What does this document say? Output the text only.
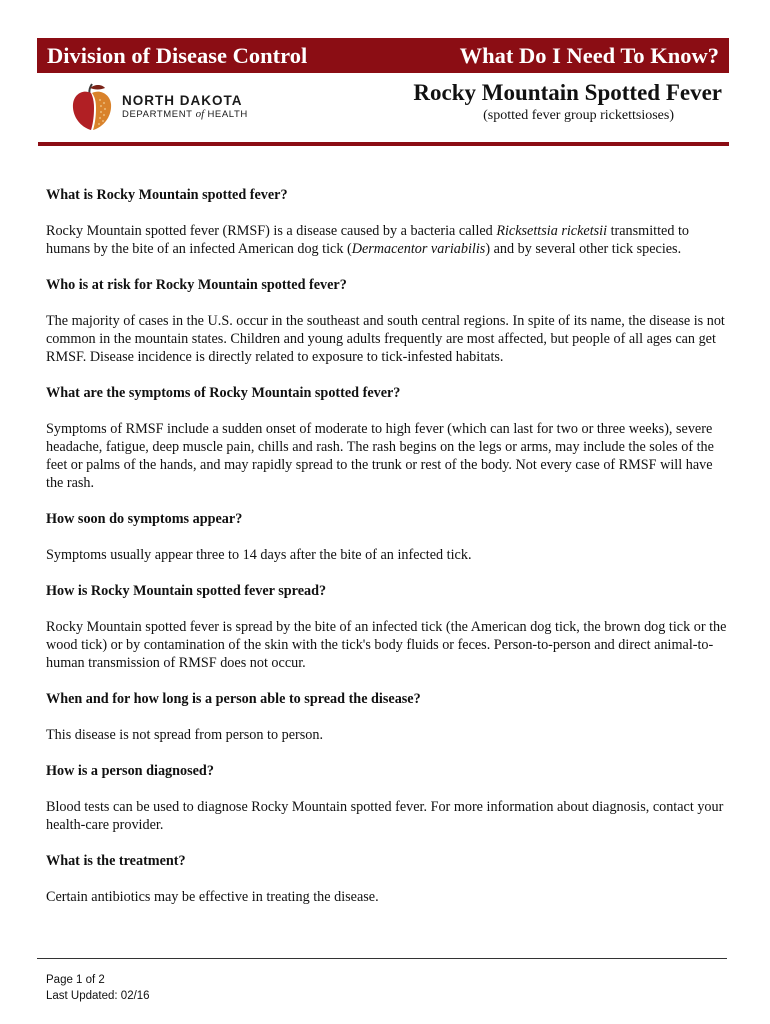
Division of Disease Control	What Do I Need To Know?
NORTH DAKOTA
DEPARTMENT of HEALTH
Rocky Mountain Spotted Fever
(spotted fever group rickettsioses)
What is Rocky Mountain spotted fever?

Rocky Mountain spotted fever (RMSF) is a disease caused by a bacteria called Ricksettsia ricketsii transmitted to humans by the bite of an infected American dog tick (Dermacentor variabilis) and by several other tick species.

Who is at risk for Rocky Mountain spotted fever?

The majority of cases in the U.S. occur in the southeast and south central regions. In spite of its name, the disease is not common in the mountain states. Children and young adults frequently are most affected, but people of all ages can get RMSF. Disease incidence is directly related to exposure to tick-infested habitats.

What are the symptoms of Rocky Mountain spotted fever?

Symptoms of RMSF include a sudden onset of moderate to high fever (which can last for two or three weeks), severe headache, fatigue, deep muscle pain, chills and rash. The rash begins on the legs or arms, may include the soles of the feet or palms of the hands, and may rapidly spread to the trunk or rest of the body. Not every case of RMSF will have the rash.

How soon do symptoms appear?

Symptoms usually appear three to 14 days after the bite of an infected tick.

How is Rocky Mountain spotted fever spread?

Rocky Mountain spotted fever is spread by the bite of an infected tick (the American dog tick, the brown dog tick or the wood tick) or by contamination of the skin with the tick's body fluids or feces. Person-to-person and direct animal-to-human transmission of RMSF does not occur.

When and for how long is a person able to spread the disease?

This disease is not spread from person to person.

How is a person diagnosed?

Blood tests can be used to diagnose Rocky Mountain spotted fever. For more information about diagnosis, contact your health-care provider.

What is the treatment?

Certain antibiotics may be effective in treating the disease.

Page 1 of 2
Last Updated: 02/16
